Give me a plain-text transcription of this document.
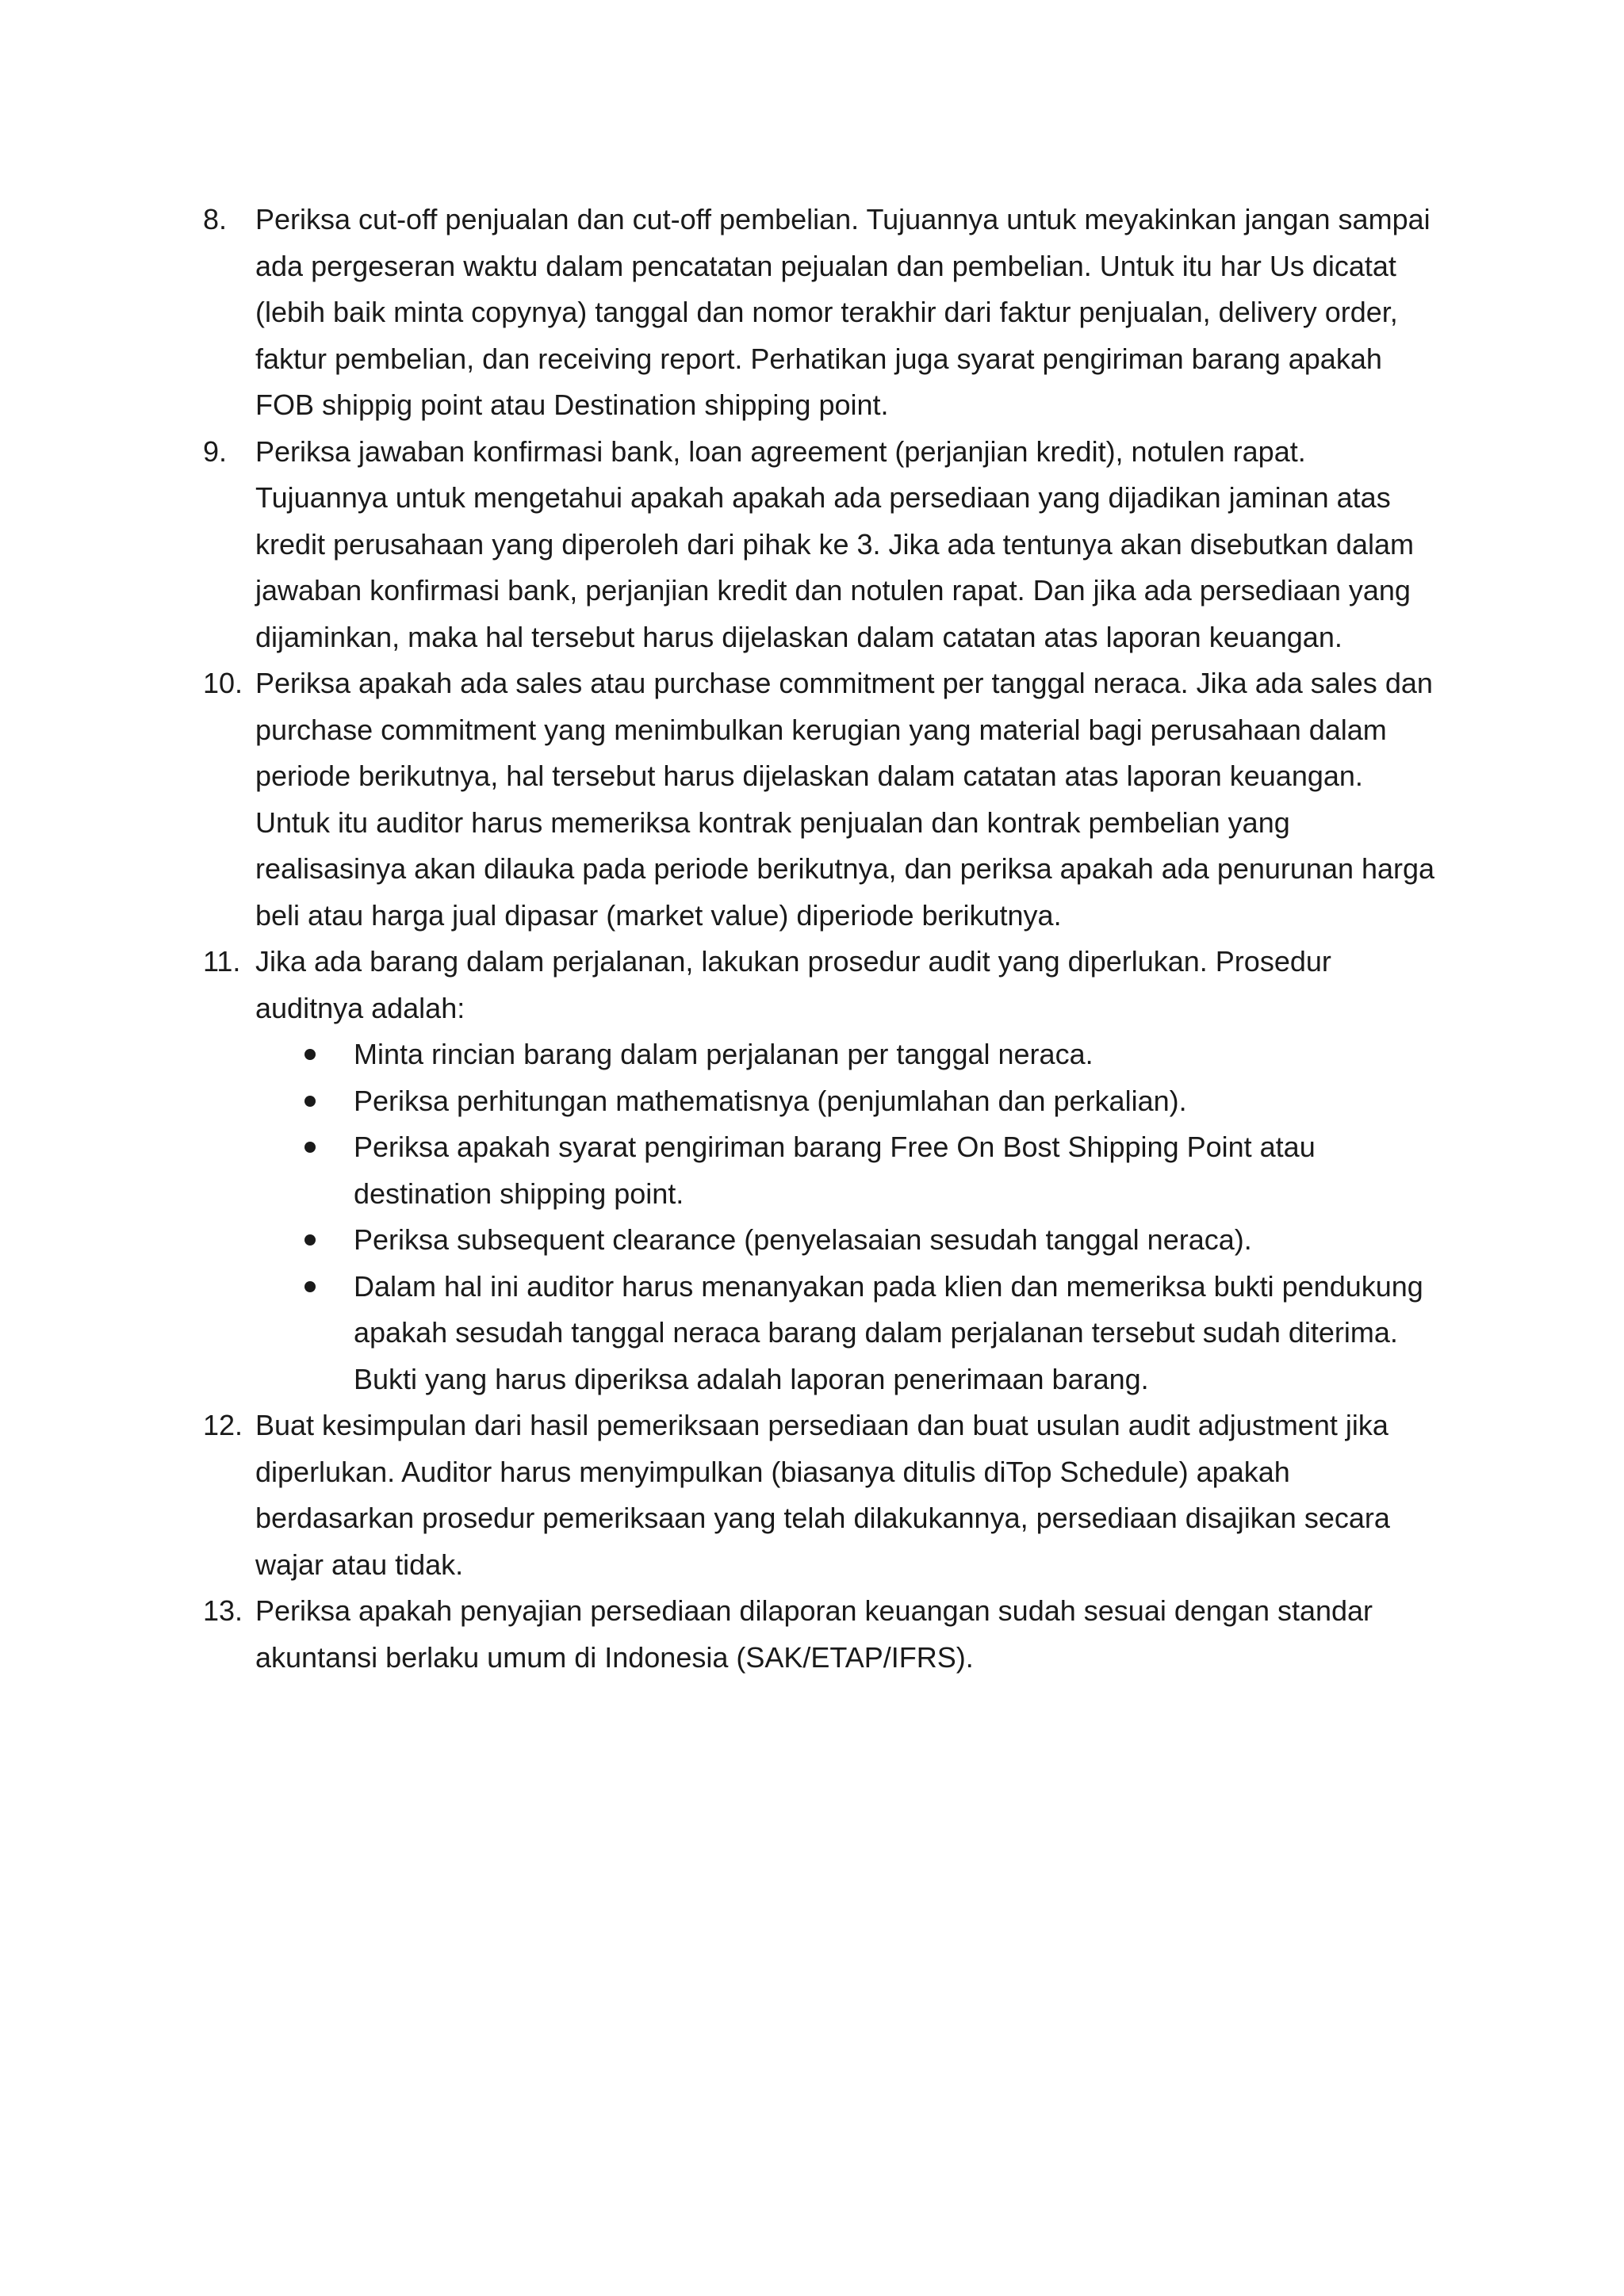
8. Periksa cut-off penjualan dan cut-off pembelian. Tujuannya untuk meyakinkan jangan sampai ada pergeseran waktu dalam pencatatan pejualan dan pembelian. Untuk itu har Us dicatat (lebih baik minta copynya) tanggal dan nomor terakhir dari faktur penjualan, delivery order, faktur pembelian, dan receiving report. Perhatikan juga syarat pengiriman barang apakah FOB shippig point atau Destination shipping point.
9. Periksa jawaban konfirmasi bank, loan agreement (perjanjian kredit), notulen rapat. Tujuannya untuk mengetahui apakah apakah ada persediaan yang dijadikan jaminan atas kredit perusahaan yang diperoleh dari pihak ke 3. Jika ada tentunya akan disebutkan dalam jawaban konfirmasi bank, perjanjian kredit dan notulen rapat. Dan jika ada persediaan yang dijaminkan, maka hal tersebut harus dijelaskan dalam catatan atas laporan keuangan.
10. Periksa apakah ada sales atau purchase commitment per tanggal neraca. Jika ada sales dan purchase commitment yang menimbulkan kerugian yang material bagi perusahaan dalam periode berikutnya, hal tersebut harus dijelaskan dalam catatan atas laporan keuangan. Untuk itu auditor harus memeriksa kontrak penjualan dan kontrak pembelian yang realisasinya akan dilauka pada periode berikutnya, dan periksa apakah ada penurunan harga beli atau harga jual dipasar (market value) diperiode berikutnya.
11. Jika ada barang dalam perjalanan, lakukan prosedur audit yang diperlukan. Prosedur auditnya adalah:
Minta rincian barang dalam perjalanan per tanggal neraca.
Periksa perhitungan mathematisnya (penjumlahan dan perkalian).
Periksa apakah syarat pengiriman barang Free On Bost Shipping Point atau destination shipping point.
Periksa subsequent clearance (penyelasaian sesudah tanggal neraca).
Dalam hal ini auditor harus menanyakan pada klien dan memeriksa bukti pendukung apakah sesudah tanggal neraca barang dalam perjalanan tersebut sudah diterima. Bukti yang harus diperiksa adalah laporan penerimaan barang.
12. Buat kesimpulan dari hasil pemeriksaan persediaan dan buat usulan audit adjustment jika diperlukan. Auditor harus menyimpulkan (biasanya ditulis diTop Schedule) apakah berdasarkan prosedur pemeriksaan yang telah dilakukannya, persediaan disajikan secara wajar atau tidak.
13. Periksa apakah penyajian persediaan dilaporan keuangan sudah sesuai dengan standar akuntansi berlaku umum di Indonesia (SAK/ETAP/IFRS).
